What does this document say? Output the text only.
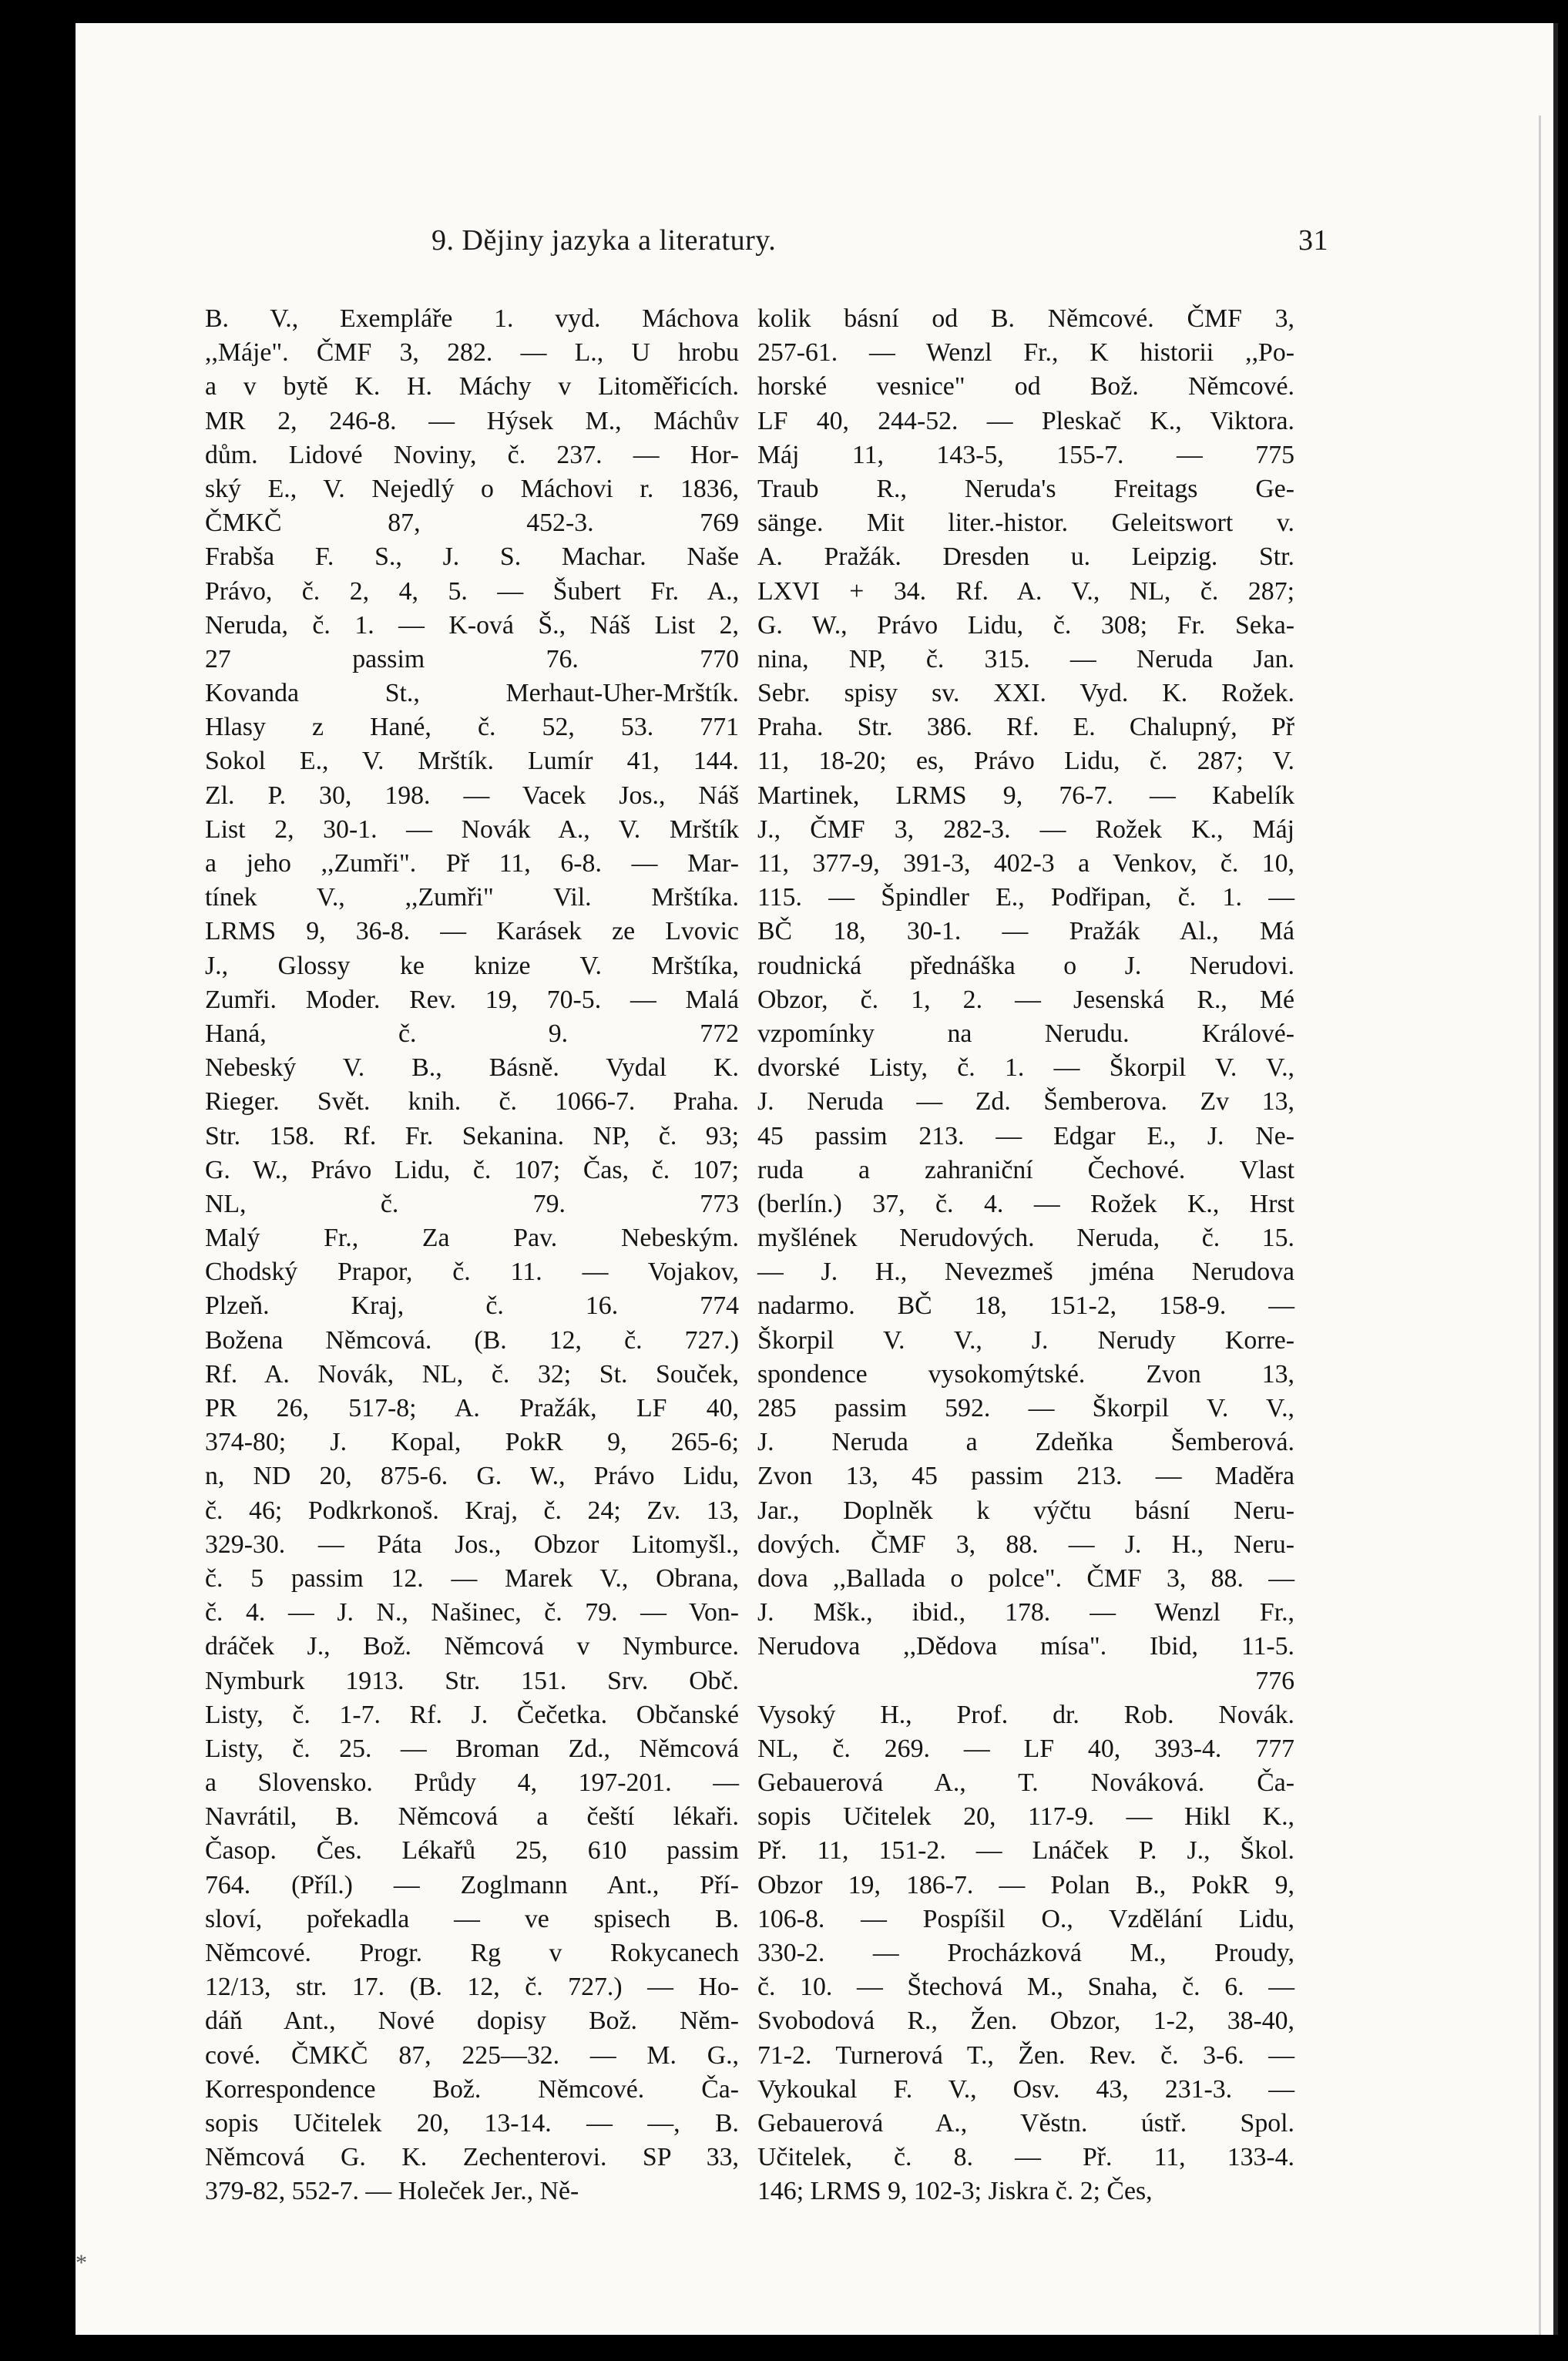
9. Dějiny jazyka a literatury.	31
B. V., Exempláře 1. vyd. Máchova
,,Máje". ČMF 3, 282. — L., U hrobu
a v bytě K. H. Máchy v Litoměřicích.
MR 2, 246-8. — Hýsek M., Máchův
dům. Lidové Noviny, č. 237. — Hor-
ský E., V. Nejedlý o Máchovi r. 1836,
ČMKČ 87, 452-3. 769
Frabša F. S., J. S. Machar. Naše
Právo, č. 2, 4, 5. — Šubert Fr. A.,
Neruda, č. 1. — K-ová Š., Náš List 2,
27 passim 76. 770
Kovanda St., Merhaut-Uher-Mrštík.
Hlasy z Hané, č. 52, 53. 771
Sokol E., V. Mrštík. Lumír 41, 144.
Zl. P. 30, 198. — Vacek Jos., Náš
List 2, 30-1. — Novák A., V. Mrštík
a jeho ,,Zumři". Př 11, 6-8. — Mar-
tínek V., ,,Zumři" Vil. Mrštíka.
LRMS 9, 36-8. — Karásek ze Lvovic
J., Glossy ke knize V. Mrštíka,
Zumři. Moder. Rev. 19, 70-5. — Malá
Haná, č. 9. 772
Nebeský V. B., Básně. Vydal K.
Rieger. Svět. knih. č. 1066-7. Praha.
Str. 158. Rf. Fr. Sekanina. NP, č. 93;
G. W., Právo Lidu, č. 107; Čas, č. 107;
NL, č. 79. 773
Malý Fr., Za Pav. Nebeským.
Chodský Prapor, č. 11. — Vojakov,
Plzeň. Kraj, č. 16. 774
Božena Němcová. (B. 12, č. 727.)
Rf. A. Novák, NL, č. 32; St. Souček,
PR 26, 517-8; A. Pražák, LF 40,
374-80; J. Kopal, PokR 9, 265-6;
n, ND 20, 875-6. G. W., Právo Lidu,
č. 46; Podkrkonoš. Kraj, č. 24; Zv. 13,
329-30. — Páta Jos., Obzor Litomyšl.,
č. 5 passim 12. — Marek V., Obrana,
č. 4. — J. N., Našinec, č. 79. — Von-
dráček J., Bož. Němcová v Nymburce.
Nymburk 1913. Str. 151. Srv. Obč.
Listy, č. 1-7. Rf. J. Čečetka. Občanské
Listy, č. 25. — Broman Zd., Němcová
a Slovensko. Průdy 4, 197-201. —
Navrátil, B. Němcová a čeští lékaři.
Časop. Čes. Lékařů 25, 610 passim
764. (Příl.) — Zoglmann Ant., Pří-
sloví, pořekadla — ve spisech B.
Němcové. Progr. Rg v Rokycanech
12/13, str. 17. (B. 12, č. 727.) — Ho-
dáň Ant., Nové dopisy Bož. Něm-
cové. ČMKČ 87, 225—32. — M. G.,
Korrespondence Bož. Němcové. Ča-
sopis Učitelek 20, 13-14. — —, B.
Němcová G. K. Zechenterovi. SP 33,
379-82, 552-7. — Holeček Jer., Ně-
kolik básní od B. Němcové. ČMF 3,
257-61. — Wenzl Fr., K historii ,,Po-
horské vesnice" od Bož. Němcové.
LF 40, 244-52. — Pleskač K., Viktora.
Máj 11, 143-5, 155-7. — 775
Traub R., Neruda's Freitags Ge-
sänge. Mit liter.-histor. Geleitswort v.
A. Pražák. Dresden u. Leipzig. Str.
LXVI + 34. Rf. A. V., NL, č. 287;
G. W., Právo Lidu, č. 308; Fr. Seka-
nina, NP, č. 315. — Neruda Jan.
Sebr. spisy sv. XXI. Vyd. K. Rožek.
Praha. Str. 386. Rf. E. Chalupný, Př
11, 18-20; es, Právo Lidu, č. 287; V.
Martinek, LRMS 9, 76-7. — Kabelík
J., ČMF 3, 282-3. — Rožek K., Máj
11, 377-9, 391-3, 402-3 a Venkov, č. 10,
115. — Špindler E., Podřipan, č. 1. —
BČ 18, 30-1. — Pražák Al., Má
roudnická přednáška o J. Nerudovi.
Obzor, č. 1, 2. — Jesenská R., Mé
vzpomínky na Nerudu. Králové-
dvorské Listy, č. 1. — Škorpil V. V.,
J. Neruda — Zd. Šemberova. Zv 13,
45 passim 213. — Edgar E., J. Ne-
ruda a zahraniční Čechové. Vlast
(berlín.) 37, č. 4. — Rožek K., Hrst
myšlének Nerudových. Neruda, č. 15.
— J. H., Nevezmeš jména Nerudova
nadarmo. BČ 18, 151-2, 158-9. —
Škorpil V. V., J. Nerudy Korre-
spondence vysokomýtské. Zvon 13,
285 passim 592. — Škorpil V. V.,
J. Neruda a Zdeňka Šemberová.
Zvon 13, 45 passim 213. — Maděra
Jar., Doplněk k výčtu básní Neru-
dových. ČMF 3, 88. — J. H., Neru-
dova ,,Ballada o polce". ČMF 3, 88. —
J. Mšk., ibid., 178. — Wenzl Fr.,
Nerudova ,,Dědova mísa". Ibid, 11-5.
776
Vysoký H., Prof. dr. Rob. Novák.
NL, č. 269. — LF 40, 393-4. 777
Gebauerová A., T. Nováková. Ča-
sopis Učitelek 20, 117-9. — Hikl K.,
Př. 11, 151-2. — Lnáček P. J., Škol.
Obzor 19, 186-7. — Polan B., PokR 9,
106-8. — Pospíšil O., Vzdělání Lidu,
330-2. — Procházková M., Proudy,
č. 10. — Štechová M., Snaha, č. 6. —
Svobodová R., Žen. Obzor, 1-2, 38-40,
71-2. Turnerová T., Žen. Rev. č. 3-6. —
Vykoukal F. V., Osv. 43, 231-3. —
Gebauerová A., Věstn. ústř. Spol.
Učitelek, č. 8. — Př. 11, 133-4.
146; LRMS 9, 102-3; Jiskra č. 2; Čes,
*
